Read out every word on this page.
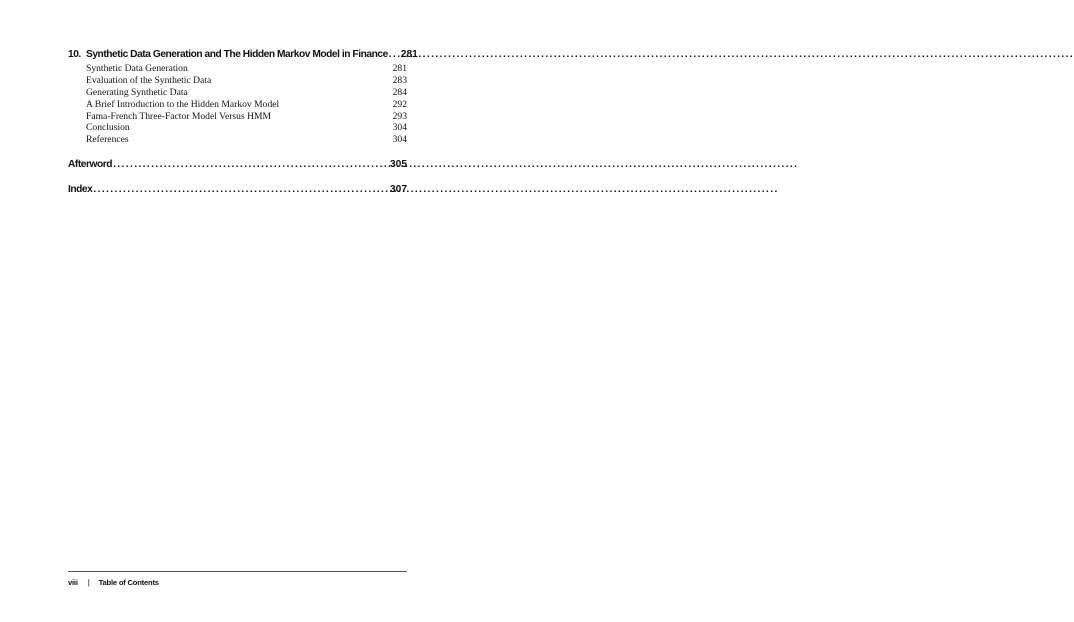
10. Synthetic Data Generation and The Hidden Markov Model in Finance ..... 281
Synthetic Data Generation	281
Evaluation of the Synthetic Data	283
Generating Synthetic Data	284
A Brief Introduction to the Hidden Markov Model	292
Fama-French Three-Factor Model Versus HMM	293
Conclusion	304
References	304
Afterword .....	305
Index .....	307
viii | Table of Contents
